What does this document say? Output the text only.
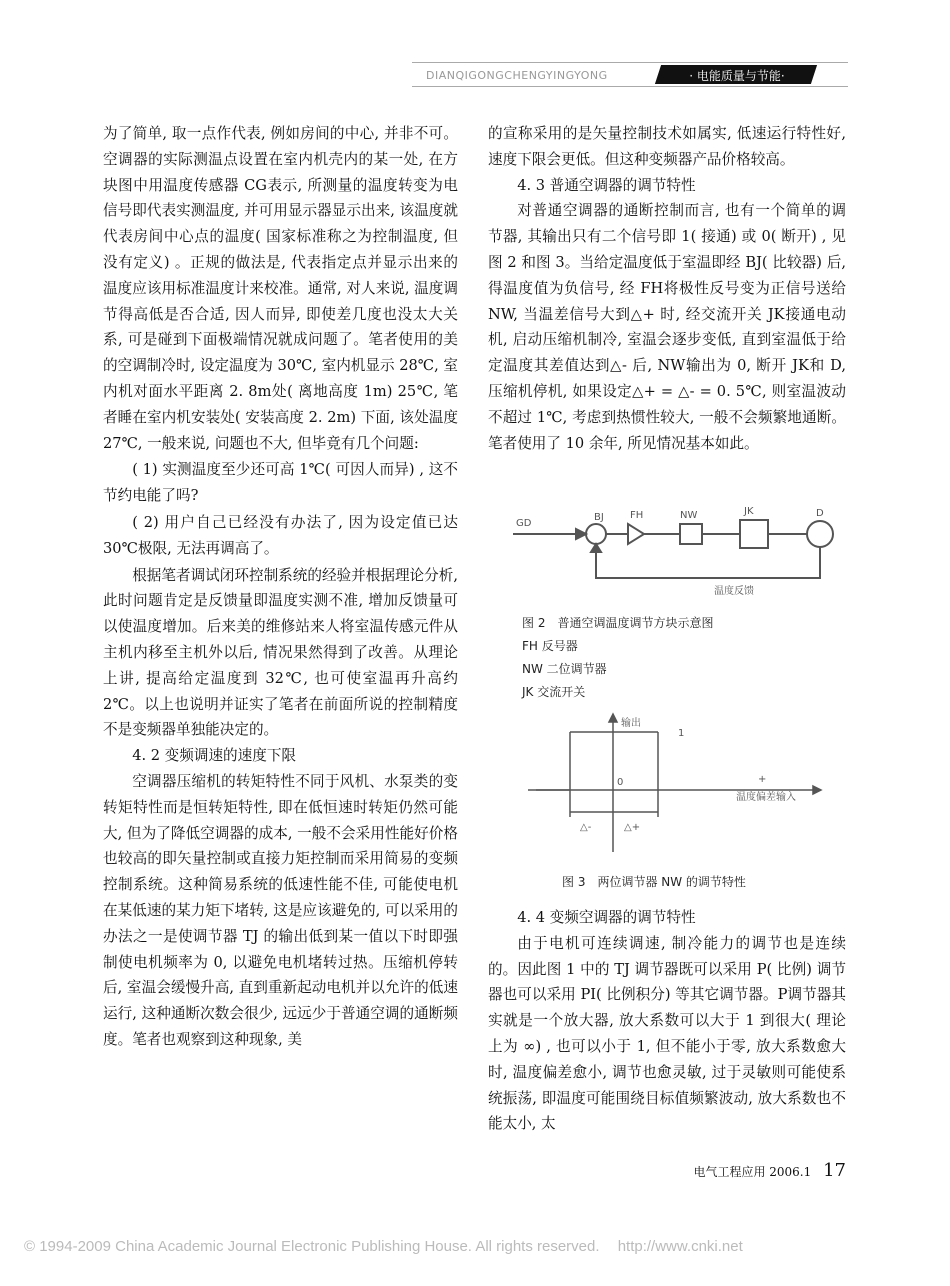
DIANQIGONGCHENGYINGYONG	· 电能质量与节能·

为了简单, 取一点作代表, 例如房间的中心, 并非不可。空调器的实际测温点设置在室内机壳内的某一处, 在方块图中用温度传感器 CG表示, 所测量的温度转变为电信号即代表实测温度, 并可用显示器显示出来, 该温度就代表房间中心点的温度( 国家标准称之为控制温度, 但没有定义) 。正规的做法是, 代表指定点并显示出来的温度应该用标准温度计来校准。通常, 对人来说, 温度调节得高低是否合适, 因人而异, 即使差几度也没太大关系, 可是碰到下面极端情况就成问题了。笔者使用的美的空调制冷时, 设定温度为 30℃, 室内机显示 28℃, 室内机对面水平距离 2. 8m处( 离地高度 1m) 25℃, 笔者睡在室内机安装处( 安装高度 2. 2m) 下面, 该处温度 27℃, 一般来说, 问题也不大, 但毕竟有几个问题:

( 1) 实测温度至少还可高 1℃( 可因人而异) , 这不节约电能了吗?

( 2) 用户自己已经没有办法了, 因为设定值已达 30℃极限, 无法再调高了。

根据笔者调试闭环控制系统的经验并根据理论分析, 此时问题肯定是反馈量即温度实测不准, 增加反馈量可以使温度增加。后来美的维修站来人将室温传感元件从主机内移至主机外以后, 情况果然得到了改善。从理论上讲, 提高给定温度到 32℃, 也可使室温再升高约 2℃。以上也说明并证实了笔者在前面所说的控制精度不是变频器单独能决定的。

4. 2 变频调速的速度下限

空调器压缩机的转矩特性不同于风机、水泵类的变转矩特性而是恒转矩特性, 即在低恒速时转矩仍然可能大, 但为了降低空调器的成本, 一般不会采用性能好价格也较高的即矢量控制或直接力矩控制而采用简易的变频控制系统。这种简易系统的低速性能不佳, 可能使电机在某低速的某力矩下堵转, 这是应该避免的, 可以采用的办法之一是使调节器 TJ 的输出低到某一值以下时即强制使电机频率为 0, 以避免电机堵转过热。压缩机停转后, 室温会缓慢升高, 直到重新起动电机并以允许的低速运行, 这种通断次数会很少, 远远少于普通空调的通断频度。笔者也观察到这种现象, 美

的宣称采用的是矢量控制技术如属实, 低速运行特性好, 速度下限会更低。但这种变频器产品价格较高。

4. 3 普通空调器的调节特性

对普通空调器的通断控制而言, 也有一个简单的调节器, 其输出只有二个信号即 1( 接通) 或 0( 断开) , 见图 2 和图 3。当给定温度低于室温即经 BJ( 比较器) 后, 得温度值为负信号, 经 FH将极性反号变为正信号送给 NW, 当温差信号大到△+ 时, 经交流开关 JK接通电动机, 启动压缩机制冷, 室温会逐步变低, 直到室温低于给定温度其差值达到△- 后, NW输出为 0, 断开 JK和 D, 压缩机停机, 如果设定△+ = △- = 0. 5℃, 则室温波动不超过 1℃, 考虑到热惯性较大, 一般不会频繁地通断。笔者使用了 10 余年, 所见情况基本如此。

GD
BJ	FH	NW	JK	D
温度反馈
图 2　普通空调温度调节方块示意图
FH 反号器
NW 二位调节器
JK 交流开关
输出
1
0	+
温度偏差输入
△-	△+
图 3　两位调节器 NW 的调节特性

4. 4 变频空调器的调节特性

由于电机可连续调速, 制冷能力的调节也是连续的。因此图 1 中的 TJ 调节器既可以采用 P( 比例) 调节器也可以采用 PI( 比例积分) 等其它调节器。P调节器其实就是一个放大器, 放大系数可以大于 1 到很大( 理论上为 ∞) , 也可以小于 1, 但不能小于零, 放大系数愈大时, 温度偏差愈小, 调节也愈灵敏, 过于灵敏则可能使系统振荡, 即温度可能围绕目标值频繁波动, 放大系数也不能太小, 太

电气工程应用 2006.1 17
© 1994-2009 China Academic Journal Electronic Publishing House. All rights reserved. http://www.cnki.net
